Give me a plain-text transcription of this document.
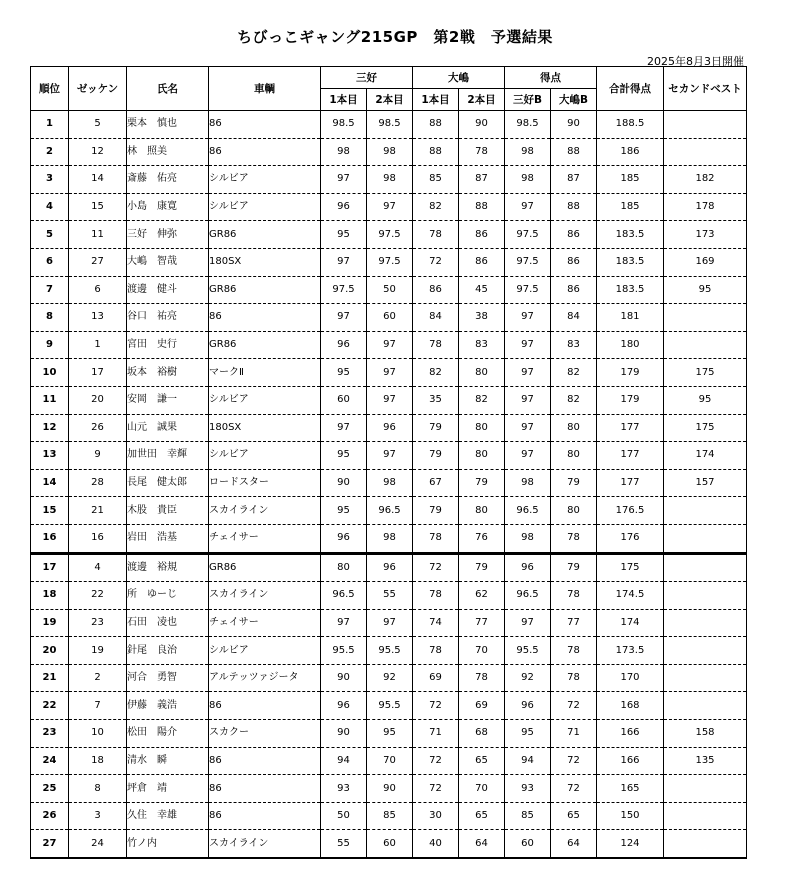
ちびっこギャング215GP　第2戦　予選結果
2025年8月3日開催
順位	ゼッケン	氏名	車輌	三好		大嶋		得点		合計得点	セカンドベスト
				1本目	2本目	1本目	2本目	三好B	大嶋B		
1	5	栗本　慎也	86	98.5	98.5	88	90	98.5	90	188.5	
2	12	林　照美	86	98	98	88	78	98	88	186	
3	14	斎藤　佑亮	シルビア	97	98	85	87	98	87	185	182
4	15	小島　康寛	シルビア	96	97	82	88	97	88	185	178
5	11	三好　伸弥	GR86	95	97.5	78	86	97.5	86	183.5	173
6	27	大嶋　智哉	180SX	97	97.5	72	86	97.5	86	183.5	169
7	6	渡邊　健斗	GR86	97.5	50	86	45	97.5	86	183.5	95
8	13	谷口　祐亮	86	97	60	84	38	97	84	181	
9	1	宮田　史行	GR86	96	97	78	83	97	83	180	
10	17	坂本　裕樹	マークⅡ	95	97	82	80	97	82	179	175
11	20	安岡　謙一	シルビア	60	97	35	82	97	82	179	95
12	26	山元　誠果	180SX	97	96	79	80	97	80	177	175
13	9	加世田　幸輝	シルビア	95	97	79	80	97	80	177	174
14	28	長尾　健太郎	ロードスター	90	98	67	79	98	79	177	157
15	21	木股　貴臣	スカイライン	95	96.5	79	80	96.5	80	176.5	
16	16	岩田　浩基	チェイサー	96	98	78	76	98	78	176	
17	4	渡邊　裕規	GR86	80	96	72	79	96	79	175	
18	22	所　ゆーじ	スカイライン	96.5	55	78	62	96.5	78	174.5	
19	23	石田　凌也	チェイサー	97	97	74	77	97	77	174	
20	19	針尾　良治	シルビア	95.5	95.5	78	70	95.5	78	173.5	
21	2	河合　勇智	アルテッツァジータ	90	92	69	78	92	78	170	
22	7	伊藤　義浩	86	96	95.5	72	69	96	72	168	
23	10	松田　陽介	スカクー	90	95	71	68	95	71	166	158
24	18	清水　瞬	86	94	70	72	65	94	72	166	135
25	8	坪倉　靖	86	93	90	72	70	93	72	165	
26	3	久住　幸雄	86	50	85	30	65	85	65	150	
27	24	竹ノ内	スカイライン	55	60	40	64	60	64	124	
